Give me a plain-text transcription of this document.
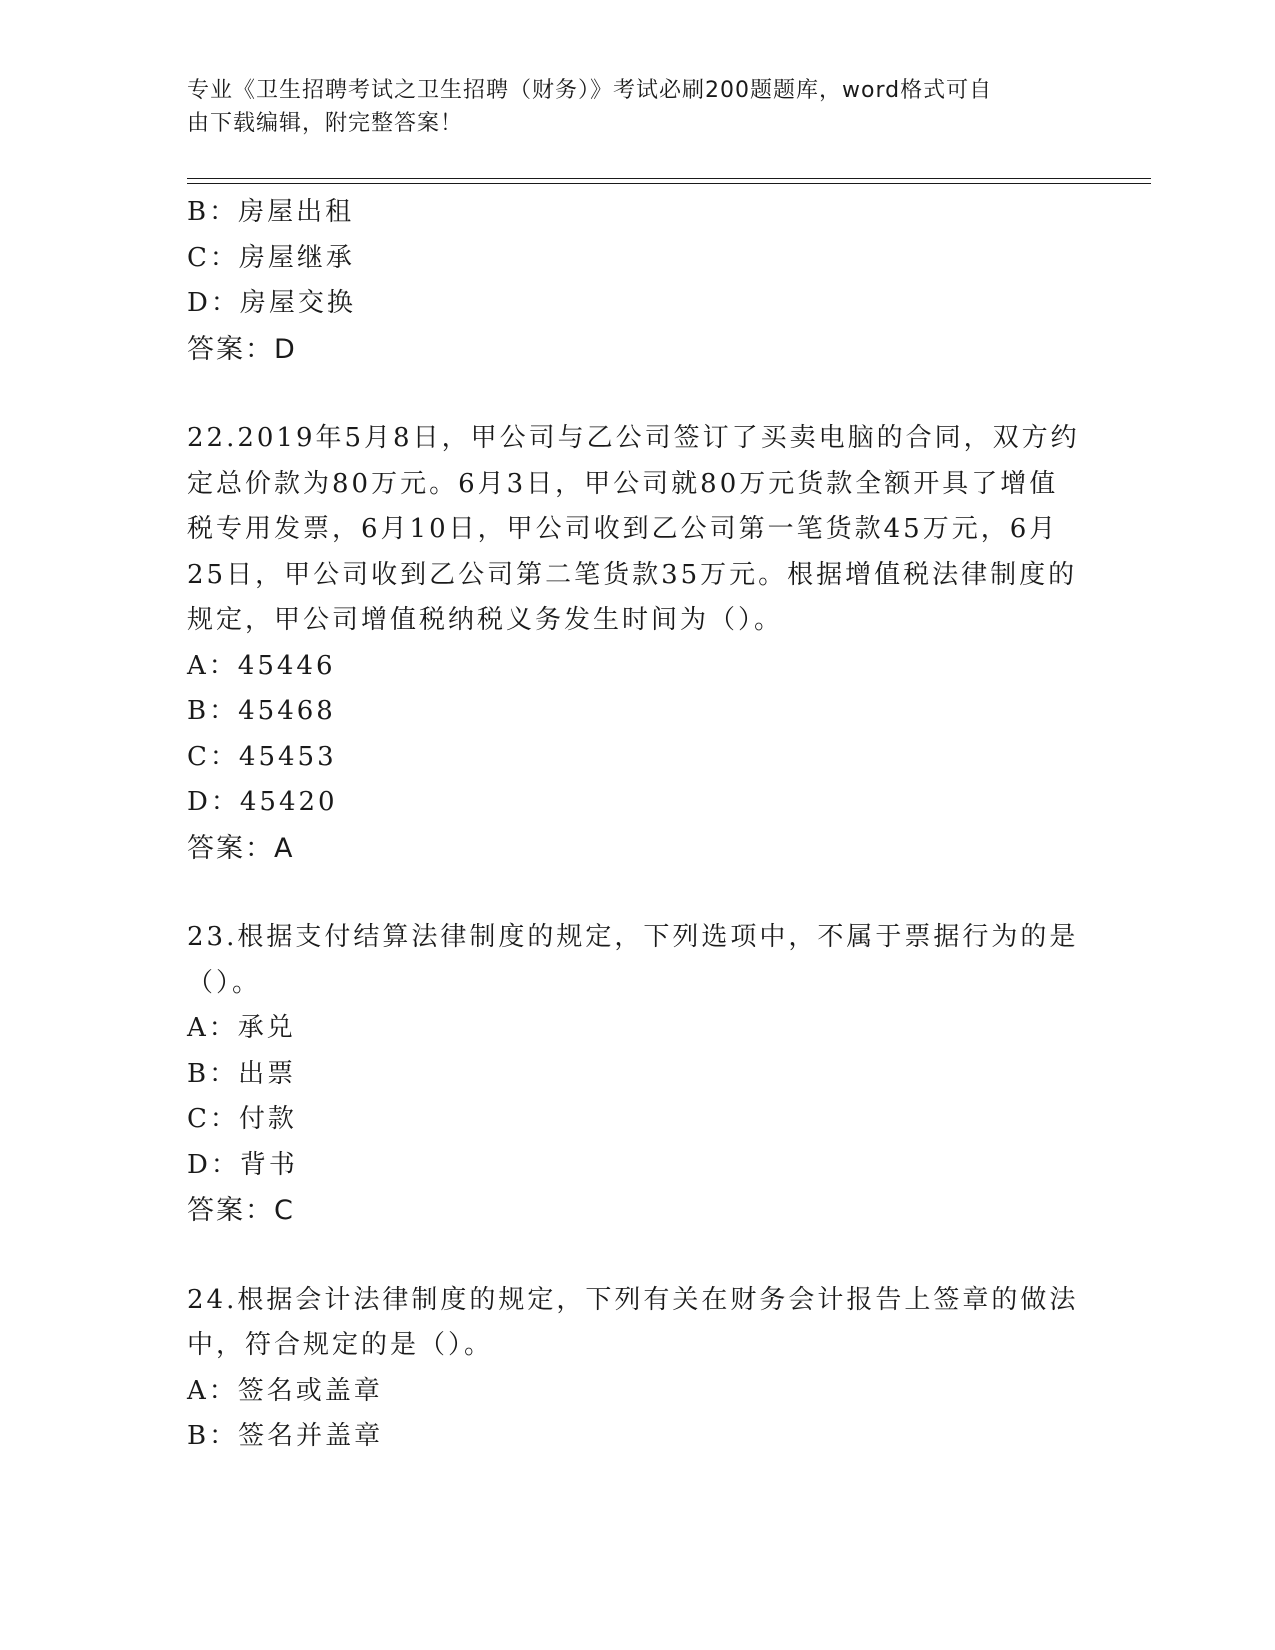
专业《卫生招聘考试之卫生招聘（财务）》考试必刷200题题库，word格式可自
由下载编辑，附完整答案！
B：房屋出租
C：房屋继承
D：房屋交换
答案：D
22.2019年5月8日，甲公司与乙公司签订了买卖电脑的合同，双方约
定总价款为80万元。6月3日，甲公司就80万元货款全额开具了增值
税专用发票，6月10日，甲公司收到乙公司第一笔货款45万元，6月
25日，甲公司收到乙公司第二笔货款35万元。根据增值税法律制度的
规定，甲公司增值税纳税义务发生时间为（）。
A：45446
B：45468
C：45453
D：45420
答案：A
23.根据支付结算法律制度的规定，下列选项中，不属于票据行为的是
（）。
A：承兑
B：出票
C：付款
D：背书
答案：C
24.根据会计法律制度的规定，下列有关在财务会计报告上签章的做法
中，符合规定的是（）。
A：签名或盖章
B：签名并盖章
